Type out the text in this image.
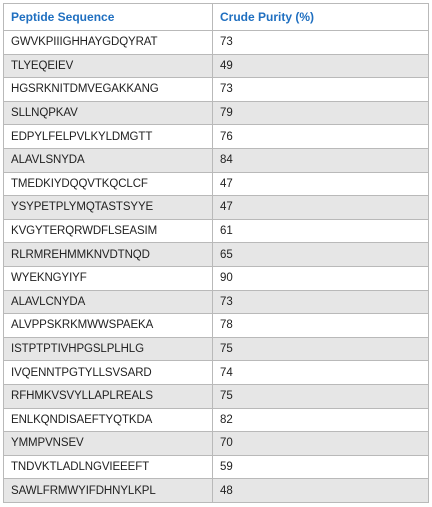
Peptide Sequence	Crude Purity (%)
GWVKPIIIGHHAYGDQYRAT	73
TLYEQEIEV	49
HGSRKNITDMVEGAKKANG	73
SLLNQPKAV	79
EDPYLFELPVLKYLDMGTT	76
ALAVLSNYDA	84
TMEDKIYDQQVTKQCLCF	47
YSYPETPLYMQTASTSYYE	47
KVGYTERQRWDFLSEASIM	61
RLRMREHMMKNVDTNQD	65
WYEKNGYIYF	90
ALAVLCNYDA	73
ALVPPSKRKMWWSPAEKA	78
ISTPTPTIVHPGSLPLHLG	75
IVQENNTPGTYLLSVSARD	74
RFHMKVSVYLLAPLREALS	75
ENLKQNDISAEFTYQTKDA	82
YMMPVNSEV	70
TNDVKTLADLNGVIEEEFT	59
SAWLFRMWYIFDHNYLKPL	48
